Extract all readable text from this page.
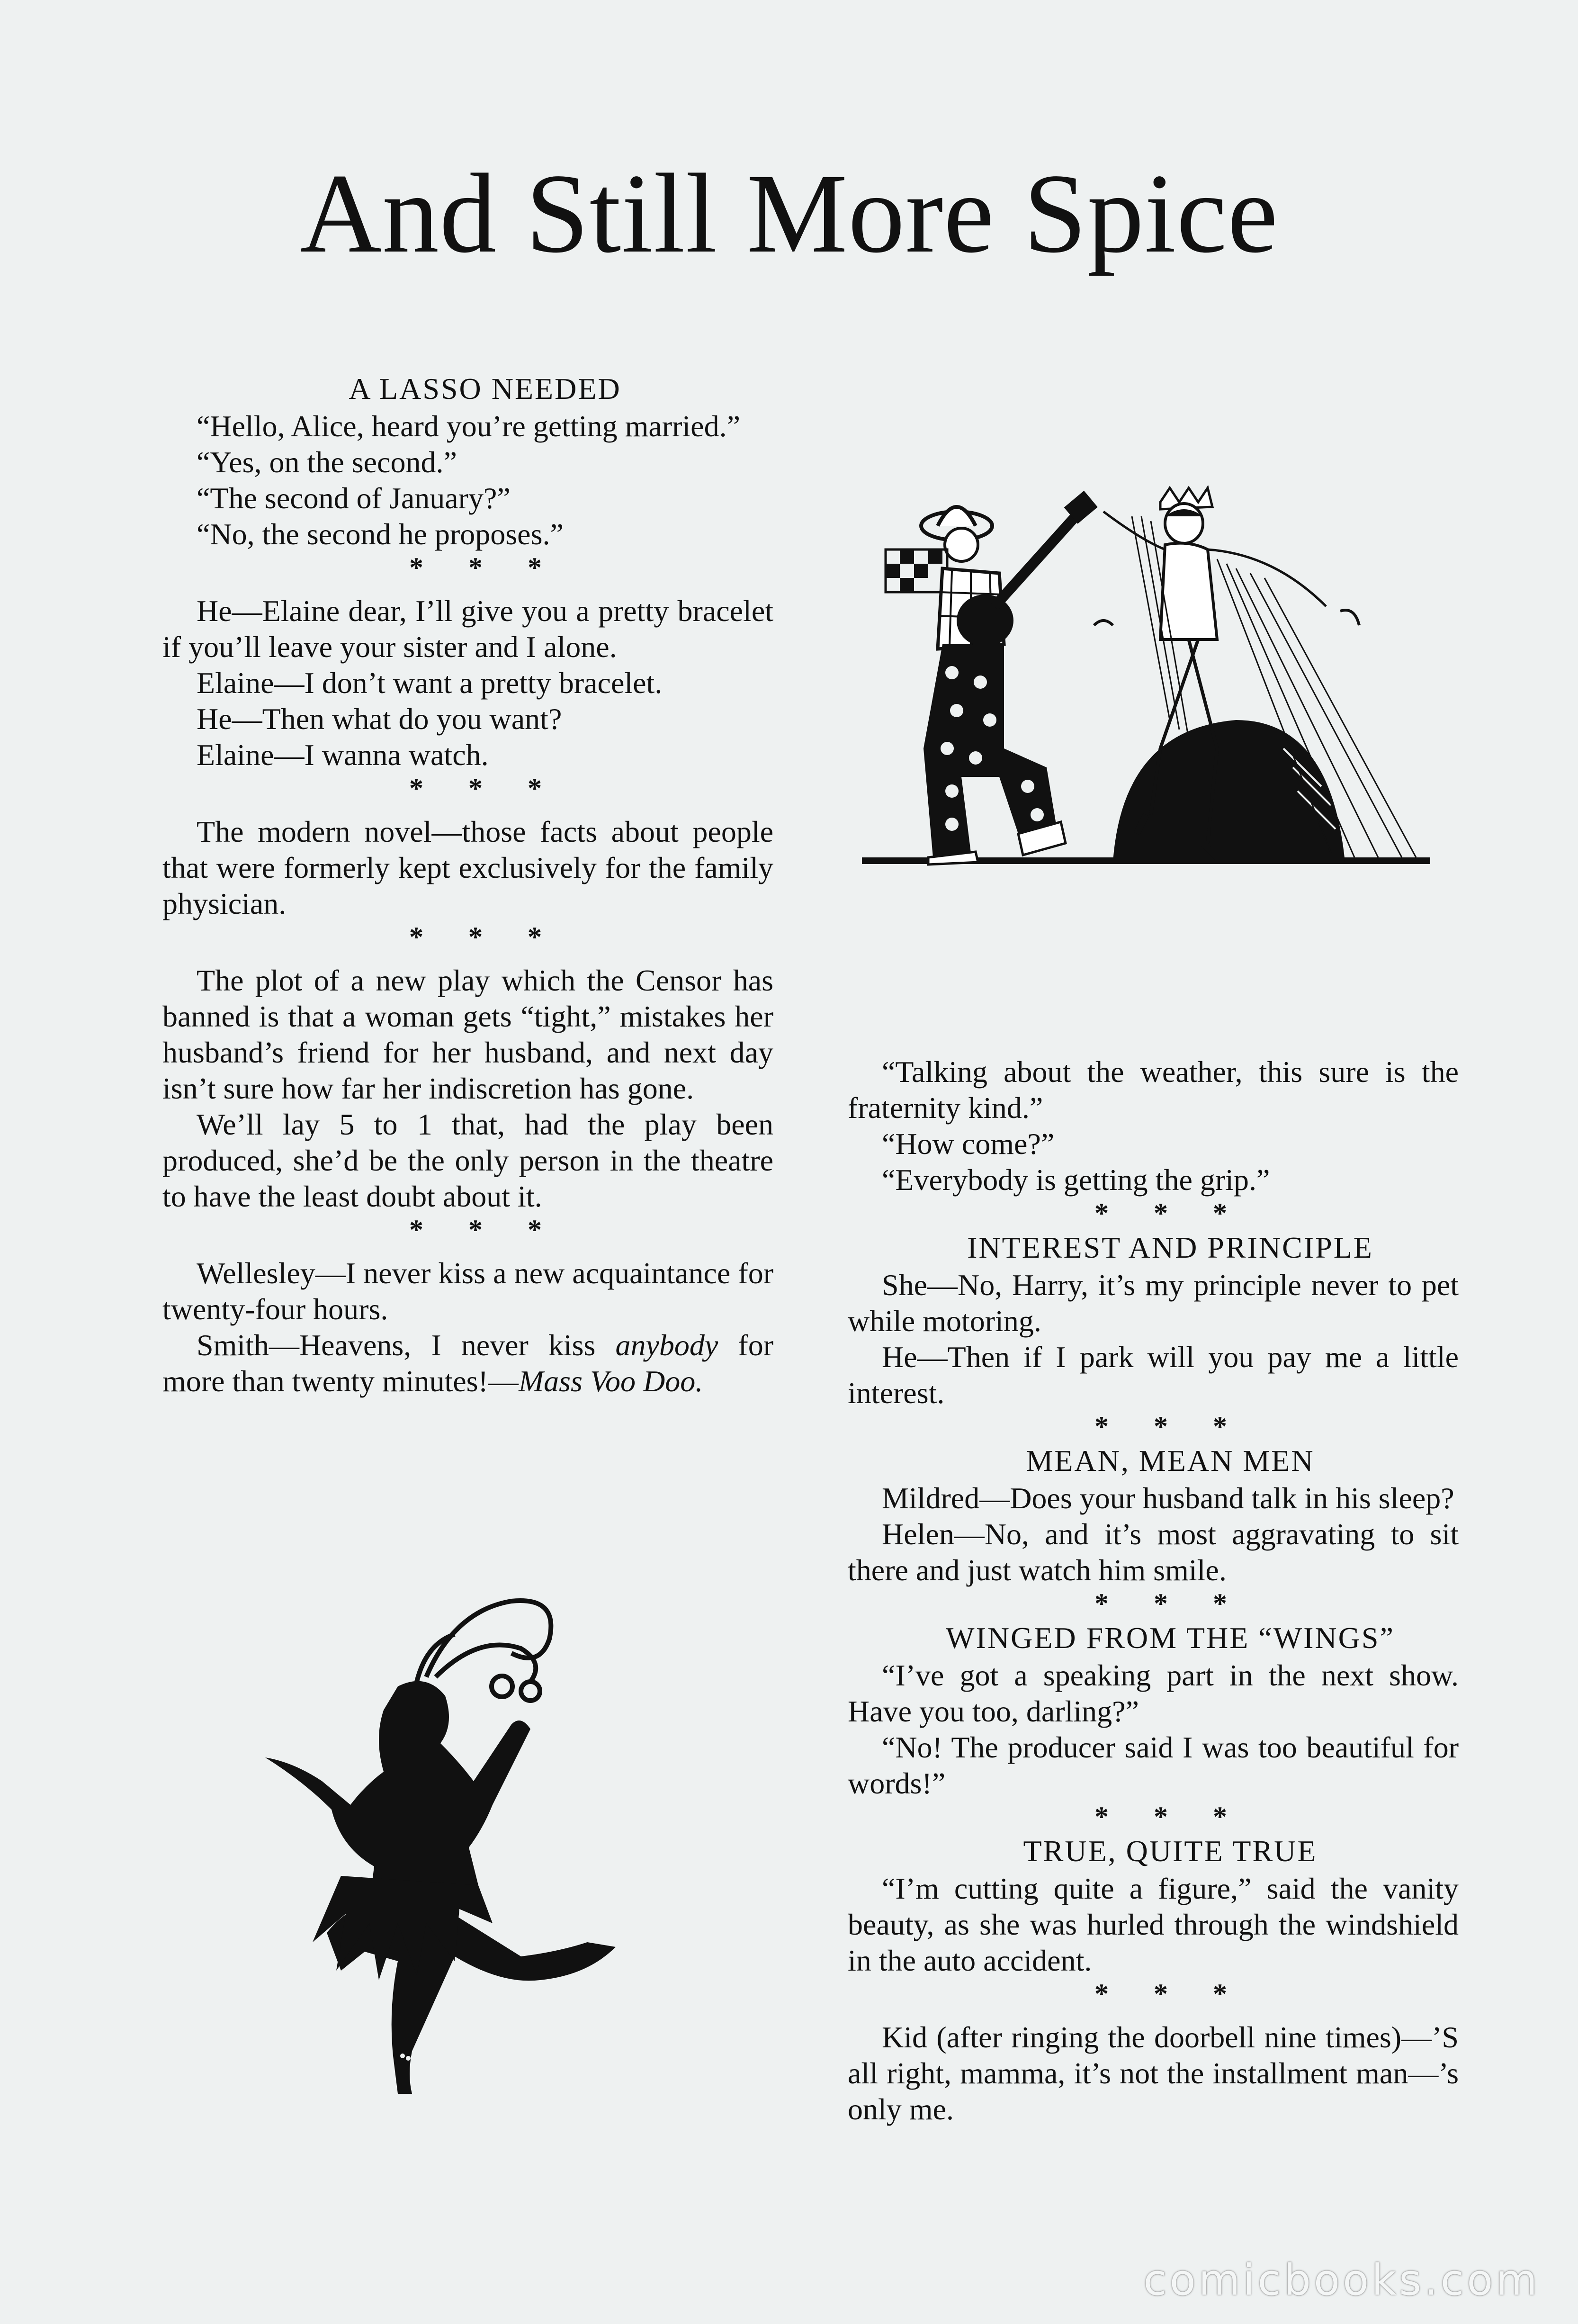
And Still More Spice

A LASSO NEEDED

“Hello, Alice, heard you’re getting married.”

“Yes, on the second.”

“The second of January?”

“No, the second he proposes.”

* * *

He—Elaine dear, I’ll give you a pretty bracelet if you’ll leave your sister and I alone.

Elaine—I don’t want a pretty bracelet.

He—Then what do you want?

Elaine—I wanna watch.

* * *

The modern novel—those facts about people that were formerly kept exclusively for the family physician.

* * *

The plot of a new play which the Censor has banned is that a woman gets “tight,” mistakes her husband’s friend for her husband, and next day isn’t sure how far her indiscretion has gone.

We’ll lay 5 to 1 that, had the play been produced, she’d be the only person in the theatre to have the least doubt about it.

* * *

Wellesley—I never kiss a new acquaintance for twenty-four hours.

Smith—Heavens, I never kiss anybody for more than twenty minutes!—Mass Voo Doo.

“Talking about the weather, this sure is the fraternity kind.”

“How come?”

“Everybody is getting the grip.”

* * *

INTEREST AND PRINCIPLE

She—No, Harry, it’s my principle never to pet while motoring.

He—Then if I park will you pay me a little interest.

* * *

MEAN, MEAN MEN

Mildred—Does your husband talk in his sleep?

Helen—No, and it’s most aggravating to sit there and just watch him smile.

* * *

WINGED FROM THE “WINGS”

“I’ve got a speaking part in the next show. Have you too, darling?”

“No! The producer said I was too beautiful for words!”

* * *

TRUE, QUITE TRUE

“I’m cutting quite a figure,” said the vanity beauty, as she was hurled through the windshield in the auto accident.

* * *

Kid (after ringing the doorbell nine times)—’S all right, mamma, it’s not the installment man—’s only me.

comicbooks.com
